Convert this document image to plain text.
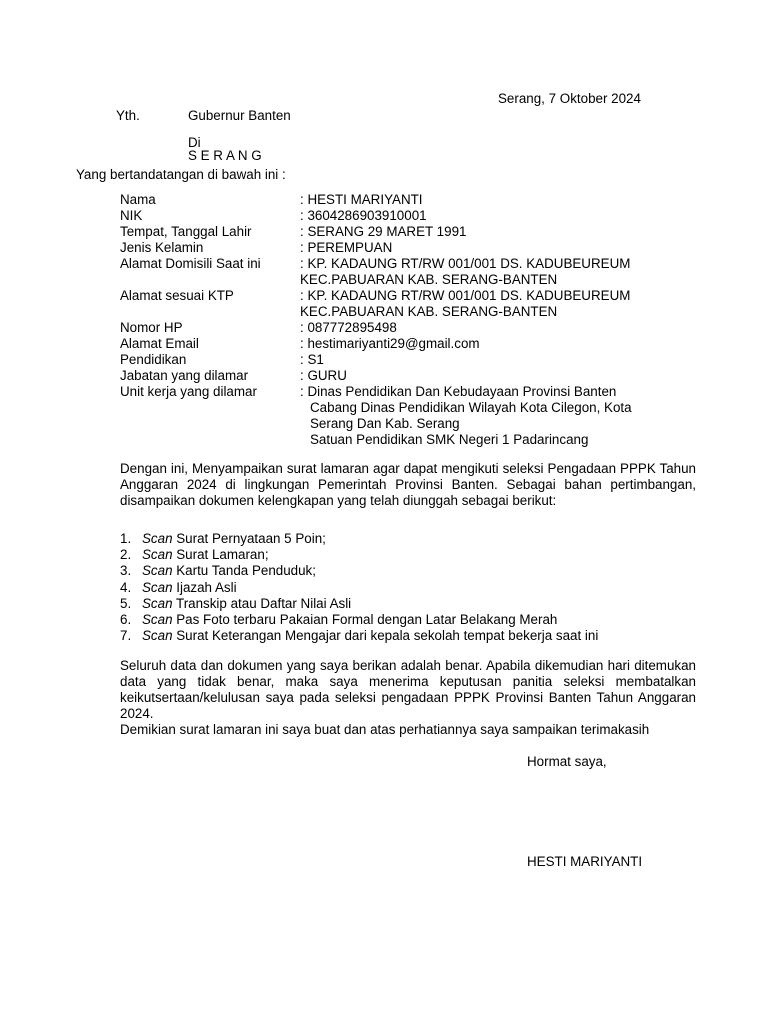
Serang, 7 Oktober 2024
Yth.	Gubernur Banten
Di
S E R A N G
Yang bertandatangan di bawah ini :
Nama	: HESTI MARIYANTI
NIK	: 3604286903910001
Tempat, Tanggal Lahir	: SERANG 29 MARET 1991
Jenis Kelamin	: PEREMPUAN
Alamat Domisili Saat ini	: KP. KADAUNG RT/RW 001/001 DS. KADUBEUREUM
KEC.PABUARAN KAB. SERANG-BANTEN
Alamat sesuai KTP	: KP. KADAUNG RT/RW 001/001 DS. KADUBEUREUM
KEC.PABUARAN KAB. SERANG-BANTEN
Nomor HP	: 087772895498
Alamat Email	: hestimariyanti29@gmail.com
Pendidikan	: S1
Jabatan yang dilamar	: GURU
Unit kerja yang dilamar	: Dinas Pendidikan Dan Kebudayaan Provinsi Banten
Cabang Dinas Pendidikan Wilayah Kota Cilegon, Kota
Serang Dan Kab. Serang
Satuan Pendidikan SMK Negeri 1 Padarincang
Dengan ini, Menyampaikan surat lamaran agar dapat mengikuti seleksi Pengadaan PPPK Tahun Anggaran 2024 di lingkungan Pemerintah Provinsi Banten. Sebagai bahan pertimbangan, disampaikan dokumen kelengkapan yang telah diunggah sebagai berikut:
1. Scan Surat Pernyataan 5 Poin;
2. Scan Surat Lamaran;
3. Scan Kartu Tanda Penduduk;
4. Scan Ijazah Asli
5. Scan Transkip atau Daftar Nilai Asli
6. Scan Pas Foto terbaru Pakaian Formal dengan Latar Belakang Merah
7. Scan Surat Keterangan Mengajar dari kepala sekolah tempat bekerja saat ini
Seluruh data dan dokumen yang saya berikan adalah benar. Apabila dikemudian hari ditemukan data yang tidak benar, maka saya menerima keputusan panitia seleksi membatalkan keikutsertaan/kelulusan saya pada seleksi pengadaan PPPK Provinsi Banten Tahun Anggaran 2024.
Demikian surat lamaran ini saya buat dan atas perhatiannya saya sampaikan terimakasih
Hormat saya,
HESTI MARIYANTI
